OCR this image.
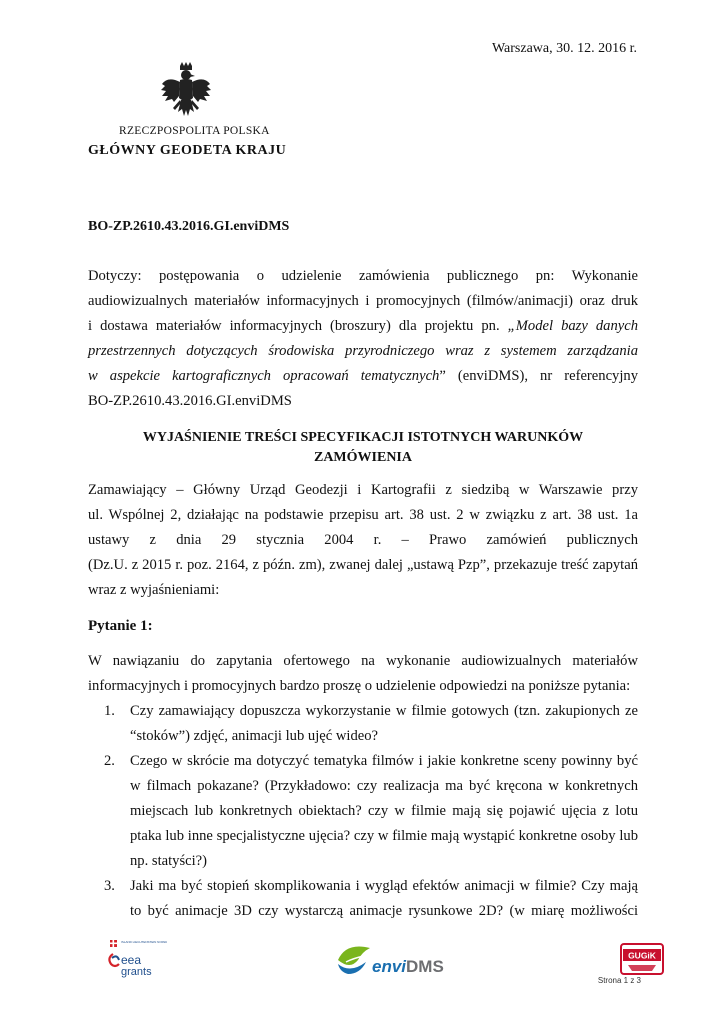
Warszawa, 30. 12. 2016 r.
RZECZPOSPOLITA POLSKA
GŁÓWNY GEODETA KRAJU
BO-ZP.2610.43.2016.GI.enviDMS
Dotyczy: postępowania o udzielenie zamówienia publicznego pn: Wykonanie
audiowizualnych materiałów informacyjnych i promocyjnych (filmów/animacji) oraz druk
i dostawa materiałów informacyjnych (broszury) dla projektu pn. „Model bazy danych
przestrzennych dotyczących środowiska przyrodniczego wraz z systemem zarządzania
w aspekcie kartograficznych opracowań tematycznych” (enviDMS), nr referencyjny
BO-ZP.2610.43.2016.GI.enviDMS
WYJAŚNIENIE TREŚCI SPECYFIKACJI ISTOTNYCH WARUNKÓW
ZAMÓWIENIA
Zamawiający – Główny Urząd Geodezji i Kartografii z siedzibą w Warszawie przy
ul. Wspólnej 2, działając na podstawie przepisu art. 38 ust. 2 w związku z art. 38 ust. 1a
ustawy z dnia 29 stycznia 2004 r. – Prawo zamówień publicznych
(Dz.U. z 2015 r. poz. 2164, z późn. zm), zwanej dalej „ustawą Pzp”, przekazuje treść zapytań
wraz z wyjaśnieniami:
Pytanie 1:
W nawiązaniu do zapytania ofertowego na wykonanie audiowizualnych materiałów
informacyjnych i promocyjnych bardzo proszę o udzielenie odpowiedzi na poniższe pytania:
1. Czy zamawiający dopuszcza wykorzystanie w filmie gotowych (tzn. zakupionych ze
“stoków”) zdjęć, animacji lub ujęć wideo?
2. Czego w skrócie ma dotyczyć tematyka filmów i jakie konkretne sceny powinny być
w filmach pokazane? (Przykładowo: czy realizacja ma być kręcona w konkretnych
miejscach lub konkretnych obiektach? czy w filmie mają się pojawić ujęcia z lotu
ptaka lub inne specjalistyczne ujęcia? czy w filmie mają wystąpić konkretne osoby lub
np. statyści?)
3. Jaki ma być stopień skomplikowania i wygląd efektów animacji w filmie? Czy mają
to być animacje 3D czy wystarczą animacje rysunkowe 2D? (w miarę możliwości
ISLAND LIECHTENSTEIN NORWAY
eea
grants	envi DMS
GUGiK
Strona 1 z 3
